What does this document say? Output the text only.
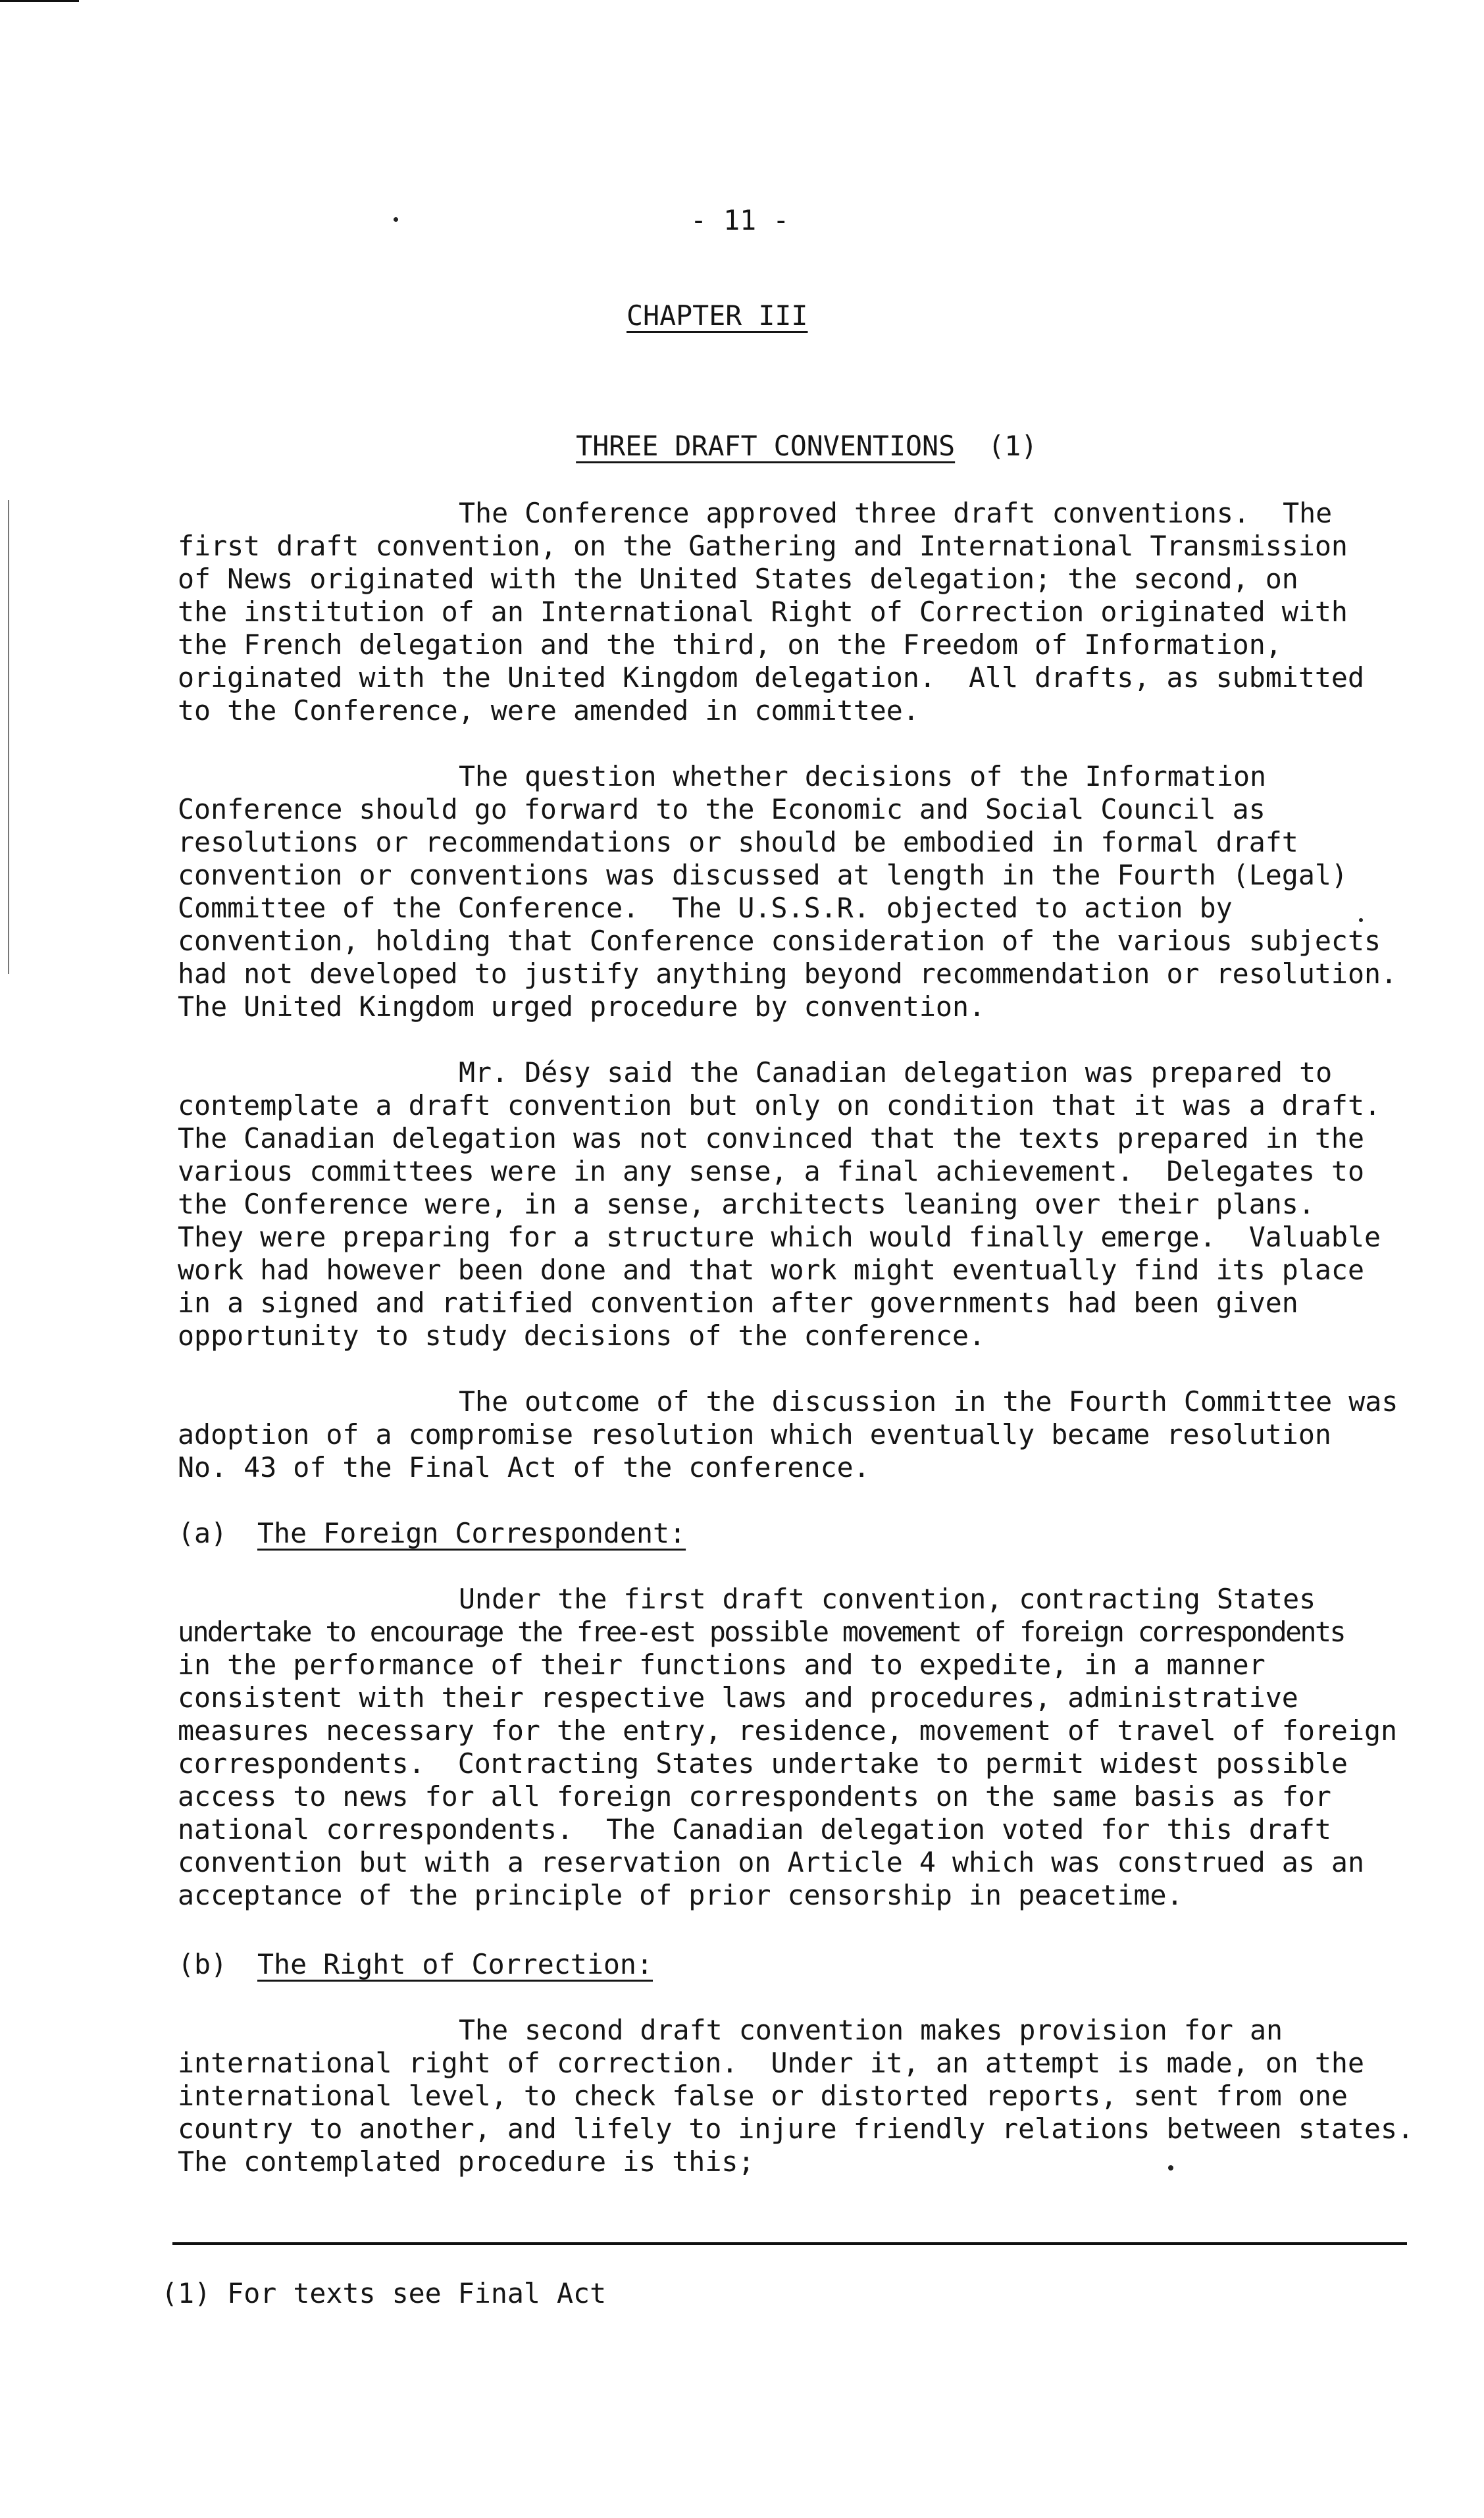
- 11 -
CHAPTER III

THREE DRAFT CONVENTIONS (1)

The Conference approved three draft conventions.  The
first draft convention, on the Gathering and International Transmission
of News originated with the United States delegation; the second, on
the institution of an International Right of Correction originated with
the French delegation and the third, on the Freedom of Information,
originated with the United Kingdom delegation.  All drafts, as submitted
to the Conference, were amended in committee.
The question whether decisions of the Information
Conference should go forward to the Economic and Social Council as
resolutions or recommendations or should be embodied in formal draft
convention or conventions was discussed at length in the Fourth (Legal)
Committee of the Conference.  The U.S.S.R. objected to action by
convention, holding that Conference consideration of the various subjects
had not developed to justify anything beyond recommendation or resolution.
The United Kingdom urged procedure by convention.
Mr. Désy said the Canadian delegation was prepared to
contemplate a draft convention but only on condition that it was a draft.
The Canadian delegation was not convinced that the texts prepared in the
various committees were in any sense, a final achievement.  Delegates to
the Conference were, in a sense, architects leaning over their plans.
They were preparing for a structure which would finally emerge.  Valuable
work had however been done and that work might eventually find its place
in a signed and ratified convention after governments had been given
opportunity to study decisions of the conference.
The outcome of the discussion in the Fourth Committee was
adoption of a compromise resolution which eventually became resolution
No. 43 of the Final Act of the conference.
(a) The Foreign Correspondent:
Under the first draft convention, contracting States
undertake to encourage the free-est possible movement of foreign correspondents
in the performance of their functions and to expedite, in a manner
consistent with their respective laws and procedures, administrative
measures necessary for the entry, residence, movement of travel of foreign
correspondents.  Contracting States undertake to permit widest possible
access to news for all foreign correspondents on the same basis as for
national correspondents.  The Canadian delegation voted for this draft
convention but with a reservation on Article 4 which was construed as an
acceptance of the principle of prior censorship in peacetime.
(b) The Right of Correction:
The second draft convention makes provision for an
international right of correction.  Under it, an attempt is made, on the
international level, to check false or distorted reports, sent from one
country to another, and lifely to injure friendly relations between states.
The contemplated procedure is this;
(1) For texts see Final Act
